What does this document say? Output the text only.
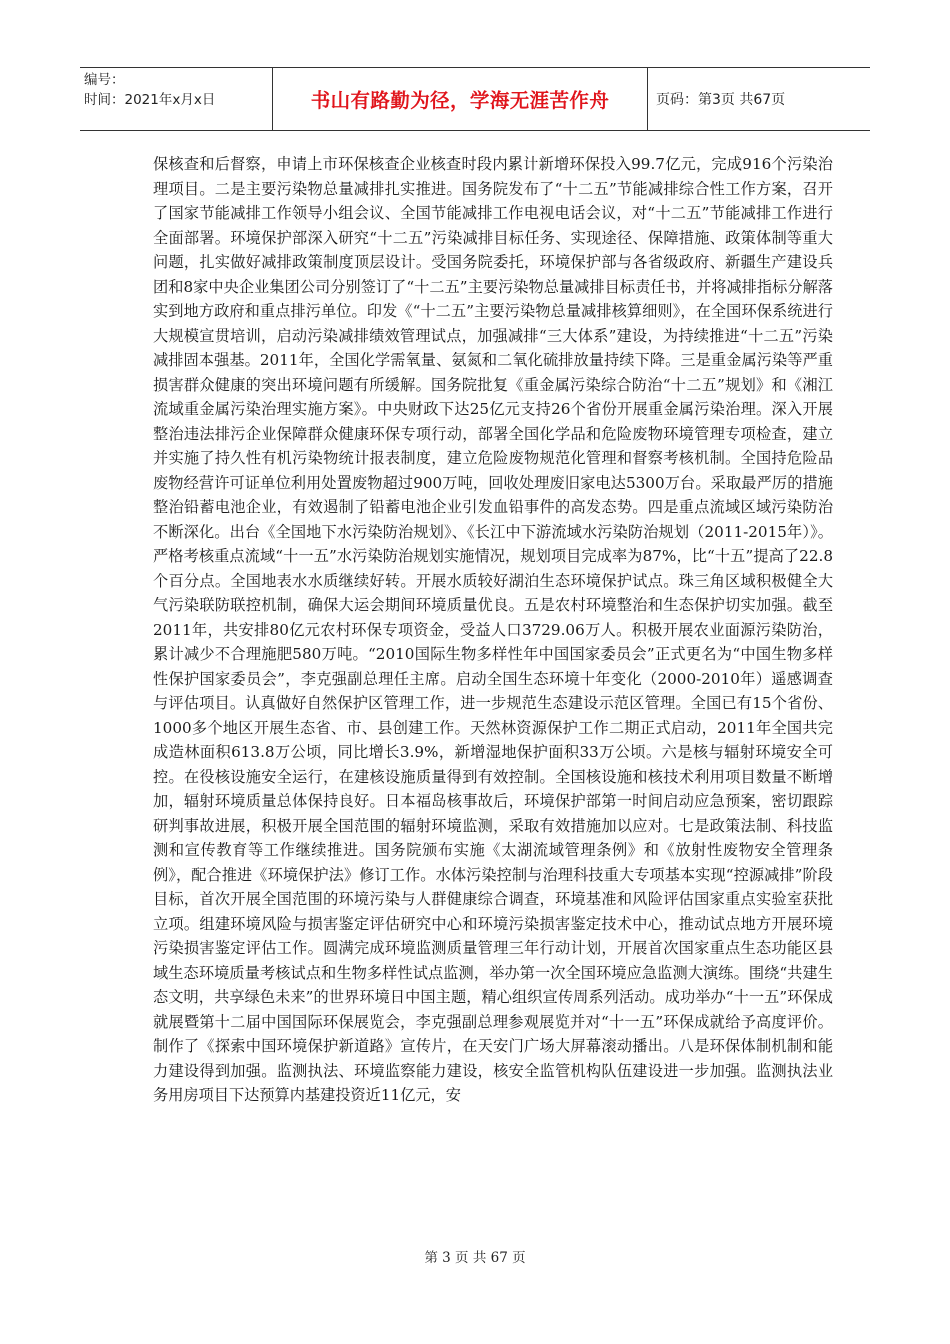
编号：
时间：2021年x月x日	书山有路勤为径，学海无涯苦作舟	页码：第3页 共67页
保核查和后督察，申请上市环保核查企业核查时段内累计新增环保投入99.7亿元，完成916个污染治理项目。二是主要污染物总量减排扎实推进。国务院发布了“十二五”节能减排综合性工作方案，召开了国家节能减排工作领导小组会议、全国节能减排工作电视电话会议，对“十二五”节能减排工作进行全面部署。环境保护部深入研究“十二五”污染减排目标任务、实现途径、保障措施、政策体制等重大问题，扎实做好减排政策制度顶层设计。受国务院委托，环境保护部与各省级政府、新疆生产建设兵团和8家中央企业集团公司分别签订了“十二五”主要污染物总量减排目标责任书，并将减排指标分解落实到地方政府和重点排污单位。印发《“十二五”主要污染物总量减排核算细则》，在全国环保系统进行大规模宣贯培训，启动污染减排绩效管理试点，加强减排“三大体系”建设，为持续推进“十二五”污染减排固本强基。2011年，全国化学需氧量、氨氮和二氧化硫排放量持续下降。三是重金属污染等严重损害群众健康的突出环境问题有所缓解。国务院批复《重金属污染综合防治“十二五”规划》和《湘江流域重金属污染治理实施方案》。中央财政下达25亿元支持26个省份开展重金属污染治理。深入开展整治违法排污企业保障群众健康环保专项行动，部署全国化学品和危险废物环境管理专项检查，建立并实施了持久性有机污染物统计报表制度，建立危险废物规范化管理和督察考核机制。全国持危险品废物经营许可证单位利用处置废物超过900万吨，回收处理废旧家电达5300万台。采取最严厉的措施整治铅蓄电池企业，有效遏制了铅蓄电池企业引发血铅事件的高发态势。四是重点流域区域污染防治不断深化。出台《全国地下水污染防治规划》、《长江中下游流域水污染防治规划（2011-2015年）》。严格考核重点流域“十一五”水污染防治规划实施情况，规划项目完成率为87%，比“十五”提高了22.8个百分点。全国地表水水质继续好转。开展水质较好湖泊生态环境保护试点。珠三角区域积极健全大气污染联防联控机制，确保大运会期间环境质量优良。五是农村环境整治和生态保护切实加强。截至2011年，共安排80亿元农村环保专项资金，受益人口3729.06万人。积极开展农业面源污染防治，累计减少不合理施肥580万吨。“2010国际生物多样性年中国国家委员会”正式更名为“中国生物多样性保护国家委员会”，李克强副总理任主席。启动全国生态环境十年变化（2000-2010年）遥感调查与评估项目。认真做好自然保护区管理工作，进一步规范生态建设示范区管理。全国已有15个省份、1000多个地区开展生态省、市、县创建工作。天然林资源保护工作二期正式启动，2011年全国共完成造林面积613.8万公顷，同比增长3.9%，新增湿地保护面积33万公顷。六是核与辐射环境安全可控。在役核设施安全运行，在建核设施质量得到有效控制。全国核设施和核技术利用项目数量不断增加，辐射环境质量总体保持良好。日本福岛核事故后，环境保护部第一时间启动应急预案，密切跟踪研判事故进展，积极开展全国范围的辐射环境监测，采取有效措施加以应对。七是政策法制、科技监测和宣传教育等工作继续推进。国务院颁布实施《太湖流域管理条例》和《放射性废物安全管理条例》，配合推进《环境保护法》修订工作。水体污染控制与治理科技重大专项基本实现“控源减排”阶段目标，首次开展全国范围的环境污染与人群健康综合调查，环境基准和风险评估国家重点实验室获批立项。组建环境风险与损害鉴定评估研究中心和环境污染损害鉴定技术中心，推动试点地方开展环境污染损害鉴定评估工作。圆满完成环境监测质量管理三年行动计划，开展首次国家重点生态功能区县域生态环境质量考核试点和生物多样性试点监测，举办第一次全国环境应急监测大演练。围绕“共建生态文明，共享绿色未来”的世界环境日中国主题，精心组织宣传周系列活动。成功举办“十一五”环保成就展暨第十二届中国国际环保展览会，李克强副总理参观展览并对“十一五”环保成就给予高度评价。制作了《探索中国环境保护新道路》宣传片，在天安门广场大屏幕滚动播出。八是环保体制机制和能力建设得到加强。监测执法、环境监察能力建设，核安全监管机构队伍建设进一步加强。监测执法业务用房项目下达预算内基建投资近11亿元，安
第 3 页 共 67 页
